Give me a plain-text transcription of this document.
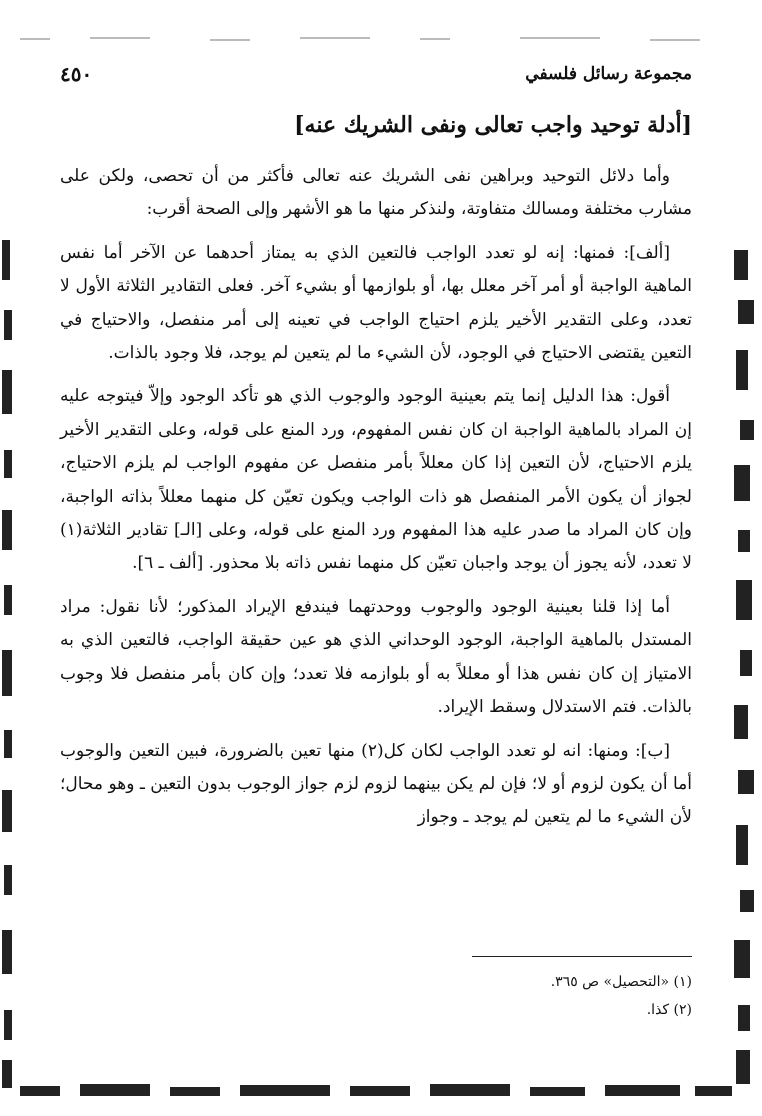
٤٥٠	مجموعة رسائل فلسفي
[أدلة توحيد واجب تعالى ونفى الشريك عنه]

وأما دلائل التوحيد وبراهين نفى الشريك عنه تعالى فأكثر من أن تحصى، ولكن على مشارب مختلفة ومسالك متفاوتة، ولنذكر منها ما هو الأشهر وإلى الصحة أقرب:

[ألف]: فمنها: إنه لو تعدد الواجب فالتعين الذي به يمتاز أحدهما عن الآخر أما نفس الماهية الواجبة أو أمر آخر معلل بها، أو بلوازمها أو بشيء آخر. فعلى التقادير الثلاثة الأول لا تعدد، وعلى التقدير الأخير يلزم احتياج الواجب في تعينه إلى أمر منفصل، والاحتياج في التعين يقتضى الاحتياج في الوجود، لأن الشيء ما لم يتعين لم يوجد، فلا وجود بالذات.

أقول: هذا الدليل إنما يتم بعينية الوجود والوجوب الذي هو تأكد الوجود وإلاّ فيتوجه عليه إن المراد بالماهية الواجبة ان كان نفس المفهوم، ورد المنع على قوله، وعلى التقدير الأخير يلزم الاحتياج، لأن التعين إذا كان معللاً بأمر منفصل عن مفهوم الواجب لم يلزم الاحتياج، لجواز أن يكون الأمر المنفصل هو ذات الواجب ويكون تعيّن كل منهما معللاً بذاته الواجبة، وإن كان المراد ما صدر عليه هذا المفهوم ورد المنع على قوله، وعلى [الـ] تقادير الثلاثة(١) لا تعدد، لأنه يجوز أن يوجد واجبان تعيّن كل منهما نفس ذاته بلا محذور. [ألف ـ ٦].

أما إذا قلنا بعينية الوجود والوجوب ووحدتهما فيندفع الإيراد المذكور؛ لأنا نقول: مراد المستدل بالماهية الواجبة، الوجود الوحداني الذي هو عين حقيقة الواجب، فالتعين الذي به الامتياز إن كان نفس هذا أو معللاً به أو بلوازمه فلا تعدد؛ وإن كان بأمر منفصل فلا وجوب بالذات. فتم الاستدلال وسقط الإيراد.

[ب]: ومنها: انه لو تعدد الواجب لكان كل(٢) منها تعين بالضرورة، فبين التعين والوجوب أما أن يكون لزوم أو لا؛ فإن لم يكن بينهما لزوم لزم جواز الوجوب بدون التعين ـ وهو محال؛ لأن الشيء ما لم يتعين لم يوجد ـ وجواز

(١) «التحصيل» ص ٣٦٥.
(٢) كذا.
